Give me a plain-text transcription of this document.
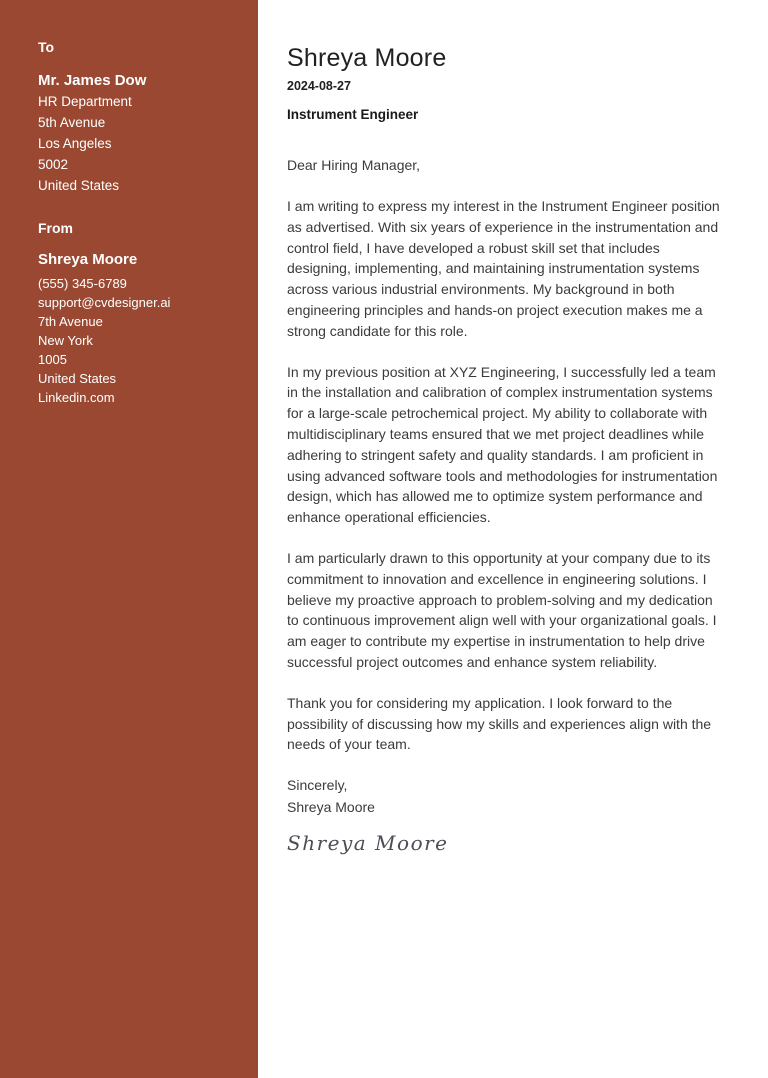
To
Mr. James Dow
HR Department
5th Avenue
Los Angeles
5002
United States
From
Shreya Moore
(555) 345-6789
support@cvdesigner.ai
7th Avenue
New York
1005
United States
Linkedin.com
Shreya Moore
2024-08-27
Instrument Engineer
Dear Hiring Manager,

I am writing to express my interest in the Instrument Engineer position as advertised. With six years of experience in the instrumentation and control field, I have developed a robust skill set that includes designing, implementing, and maintaining instrumentation systems across various industrial environments. My background in both engineering principles and hands-on project execution makes me a strong candidate for this role.

In my previous position at XYZ Engineering, I successfully led a team in the installation and calibration of complex instrumentation systems for a large-scale petrochemical project. My ability to collaborate with multidisciplinary teams ensured that we met project deadlines while adhering to stringent safety and quality standards. I am proficient in using advanced software tools and methodologies for instrumentation design, which has allowed me to optimize system performance and enhance operational efficiencies.

I am particularly drawn to this opportunity at your company due to its commitment to innovation and excellence in engineering solutions. I believe my proactive approach to problem-solving and my dedication to continuous improvement align well with your organizational goals. I am eager to contribute my expertise in instrumentation to help drive successful project outcomes and enhance system reliability.

Thank you for considering my application. I look forward to the possibility of discussing how my skills and experiences align with the needs of your team.

Sincerely,
Shreya Moore
Shreya Moore
